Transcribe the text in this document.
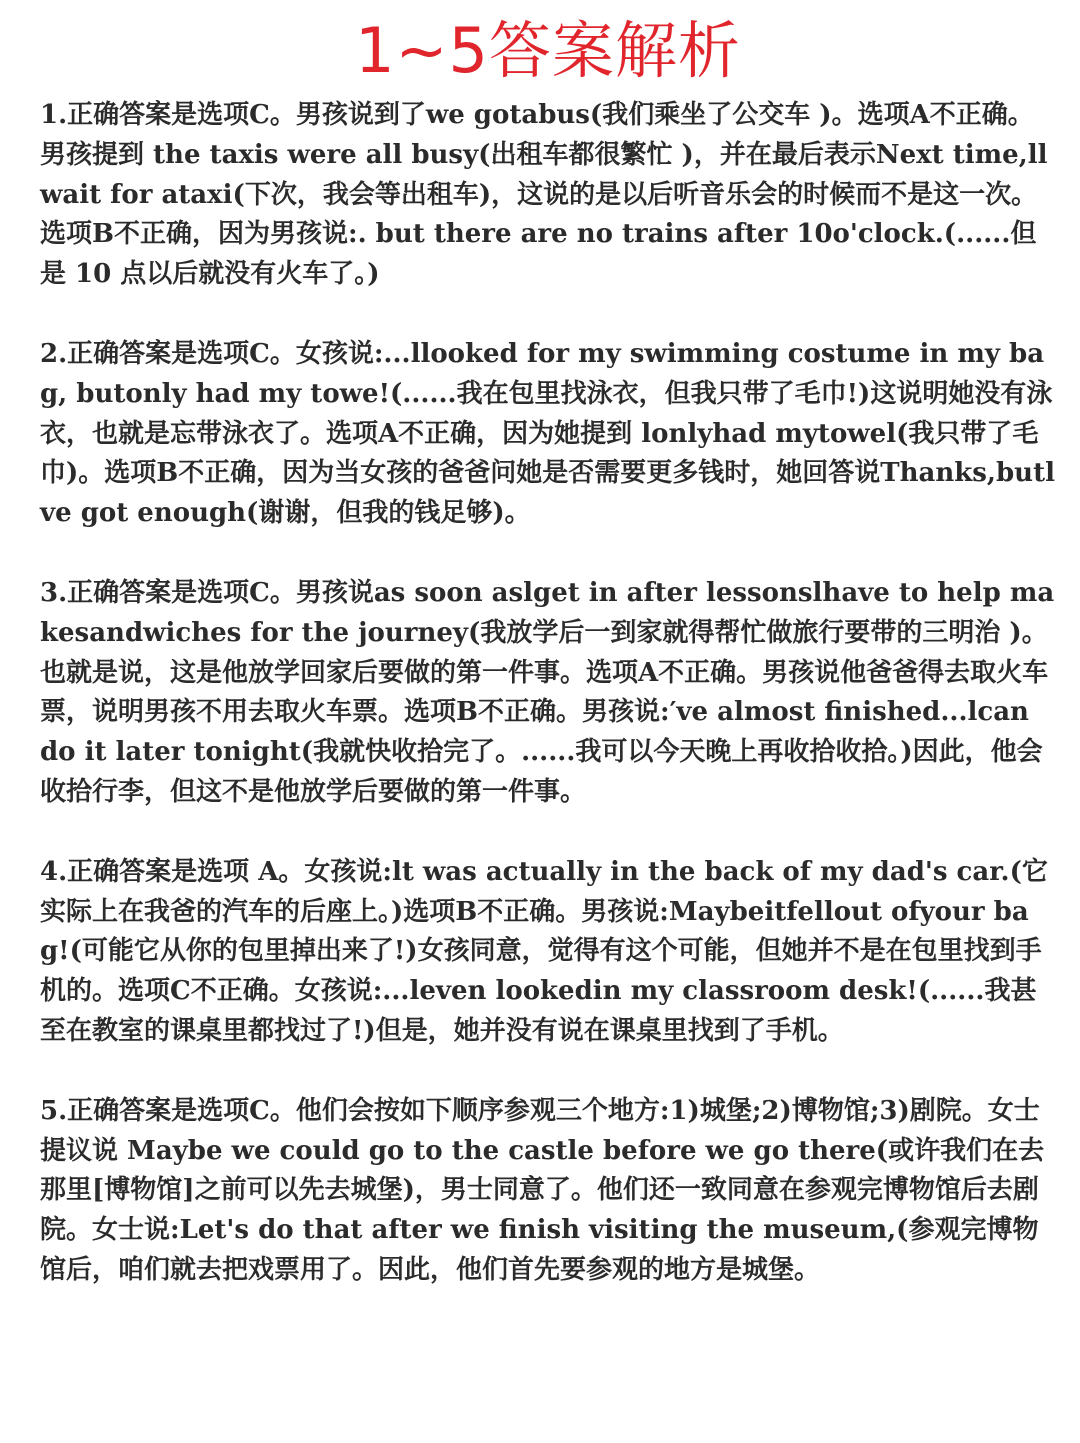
1~5答案解析

1.正确答案是选项C。男孩说到了we gotabus(我们乘坐了公交车 )。选项A不正确。男孩提到 the taxis were all busy(出租车都很繁忙 )，并在最后表示Next time,ll wait for ataxi(下次，我会等出租车)，这说的是以后听音乐会的时候而不是这一次。选项B不正确，因为男孩说:. but there are no trains after 10o'clock.(......但是 10 点以后就没有火车了。)

2.正确答案是选项C。女孩说:...llooked for my swimming costume in my bag, butonly had my towe!(......我在包里找泳衣，但我只带了毛巾!)这说明她没有泳衣，也就是忘带泳衣了。选项A不正确，因为她提到 lonlyhad mytowel(我只带了毛巾)。选项B不正确，因为当女孩的爸爸问她是否需要更多钱时，她回答说Thanks,butlve got enough(谢谢，但我的钱足够)。

3.正确答案是选项C。男孩说as soon aslget in after lessonslhave to help makesandwiches for the journey(我放学后一到家就得帮忙做旅行要带的三明治 )。也就是说，这是他放学回家后要做的第一件事。选项A不正确。男孩说他爸爸得去取火车票，说明男孩不用去取火车票。选项B不正确。男孩说:′ve almost finished...lcan do it later tonight(我就快收拾完了。......我可以今天晚上再收拾收拾。)因此，他会收拾行李，但这不是他放学后要做的第一件事。

4.正确答案是选项 A。女孩说:lt was actually in the back of my dad's car.(它实际上在我爸的汽车的后座上。)选项B不正确。男孩说:Maybeitfellout ofyour bag!(可能它从你的包里掉出来了!)女孩同意，觉得有这个可能，但她并不是在包里找到手机的。选项C不正确。女孩说:...leven lookedin my classroom desk!(......我甚至在教室的课桌里都找过了!)但是，她并没有说在课桌里找到了手机。

5.正确答案是选项C。他们会按如下顺序参观三个地方:1)城堡;2)博物馆;3)剧院。女士提议说 Maybe we could go to the castle before we go there(或许我们在去那里[博物馆]之前可以先去城堡)，男士同意了。他们还一致同意在参观完博物馆后去剧院。女士说:Let's do that after we finish visiting the museum,(参观完博物馆后，咱们就去把戏票用了。因此，他们首先要参观的地方是城堡。
